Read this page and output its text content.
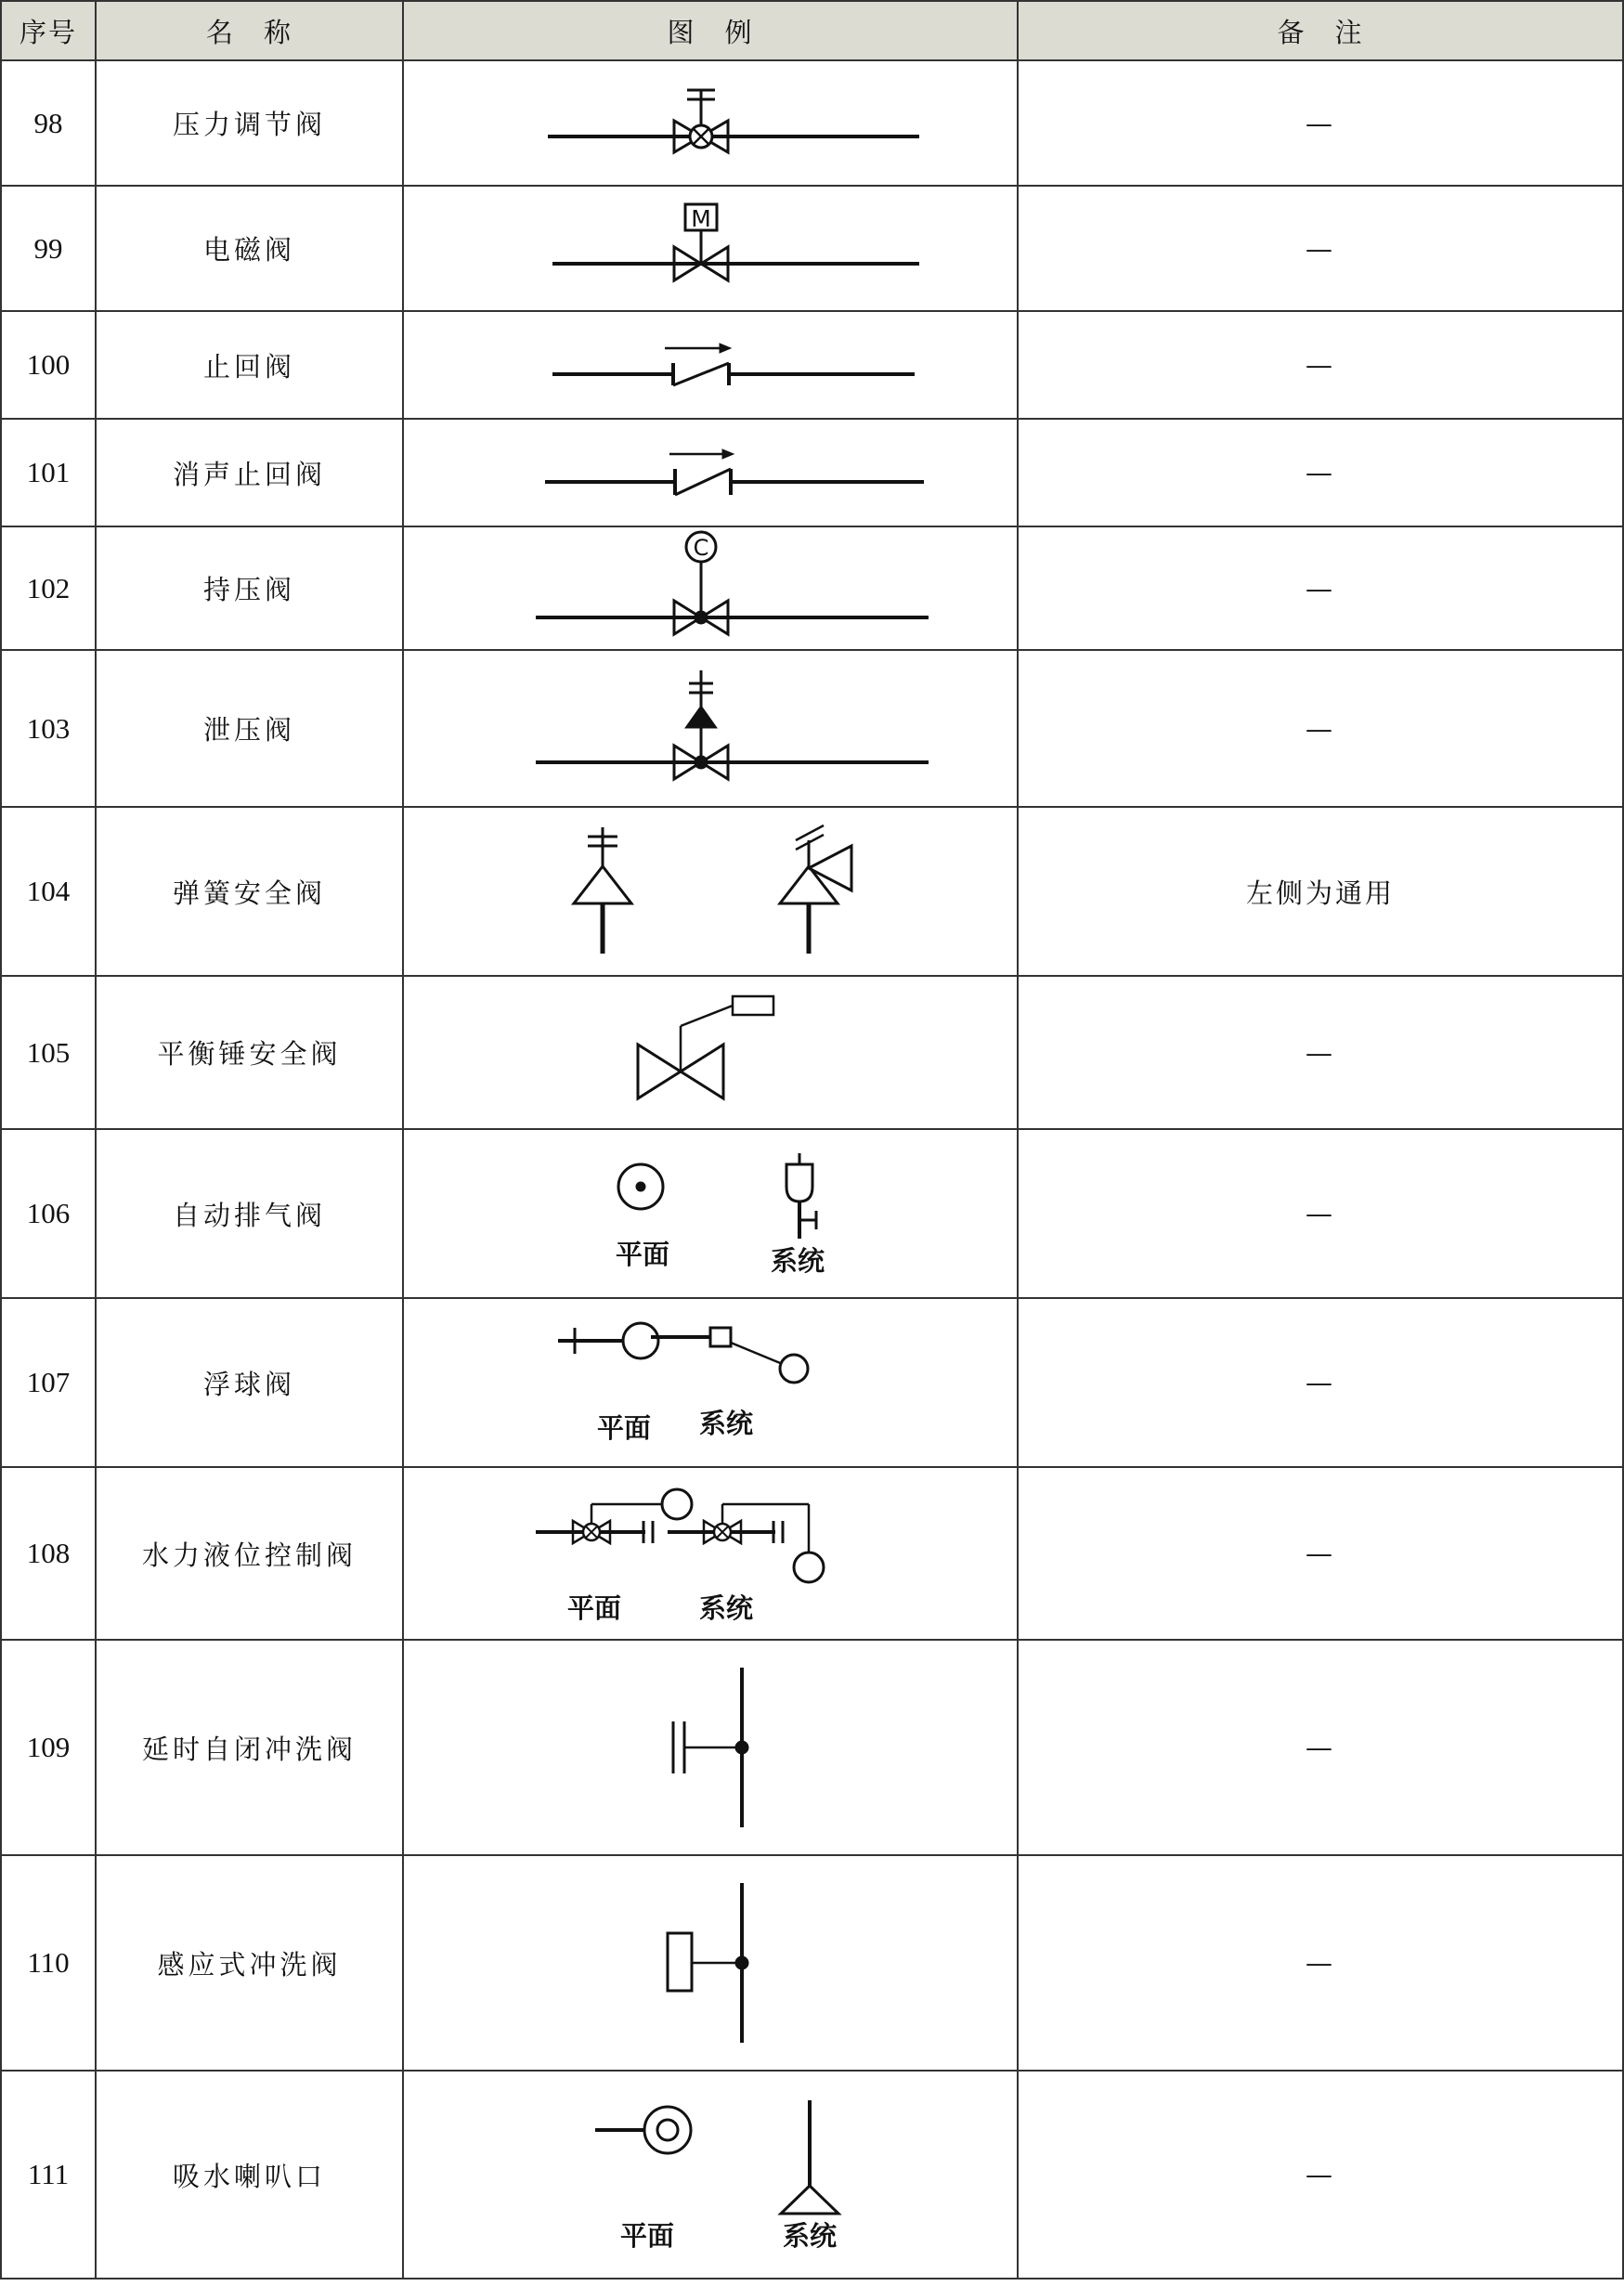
序号	名　称	图　例	备　注
98	压力调节阀		—
99	电磁阀	M	—
100	止回阀		—
101	消声止回阀		—
102	持压阀	C	—
103	泄压阀		—
104	弹簧安全阀		左侧为通用
105	平衡锤安全阀		—
106	自动排气阀	平面 系统	—
107	浮球阀	平面 系统	—
108	水力液位控制阀	平面 系统	—
109	延时自闭冲洗阀		—
110	感应式冲洗阀		—
111	吸水喇叭口	平面 系统	—
